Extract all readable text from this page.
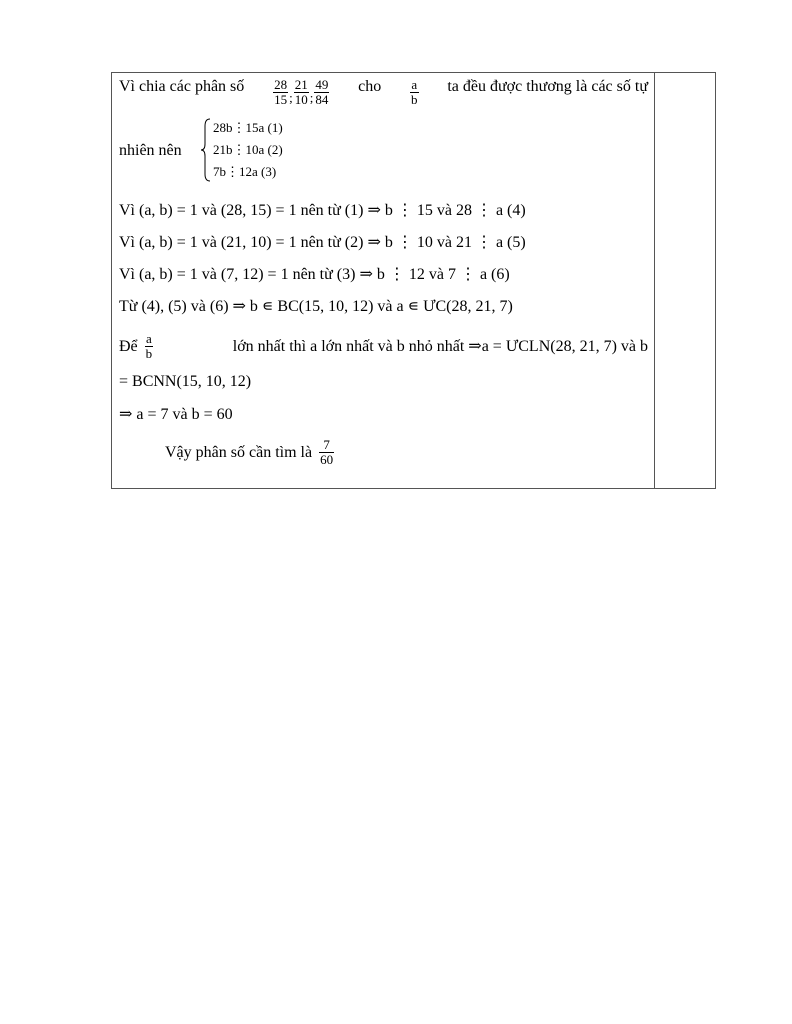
Vì chia các phân số $\frac{28}{15} _; \frac{21}{10} _; \frac{49}{84}$ cho $\frac{a}{b}$ ta đều được thương là các số tự
nhiên nên
28b⋮15a (1)
21b⋮10a (2)
7b⋮12a (3)
Vì (a, b) = 1 và (28, 15) = 1 nên từ (1) ⇒ b ⋮ 15 và 28 ⋮ a (4)
Vì (a, b) = 1 và (21, 10) = 1 nên từ (2) ⇒ b ⋮ 10 và 21 ⋮ a (5)
Vì (a, b) = 1 và (7, 12) = 1 nên từ (3) ⇒ b ⋮ 12 và 7 ⋮ a (6)
Từ (4), (5) và (6) ⇒ b ∊ BC(15, 10, 12) và a ∊ ƯC(28, 21, 7)
Để $\frac{a}{b}$	lớn nhất thì a lớn nhất và b nhỏ nhất ⇒a = ƯCLN(28, 21, 7) và b
= BCNN(15, 10, 12)
⇒ a = 7 và b = 60
Vậy phân số cần tìm là $\frac{7}{60}$
